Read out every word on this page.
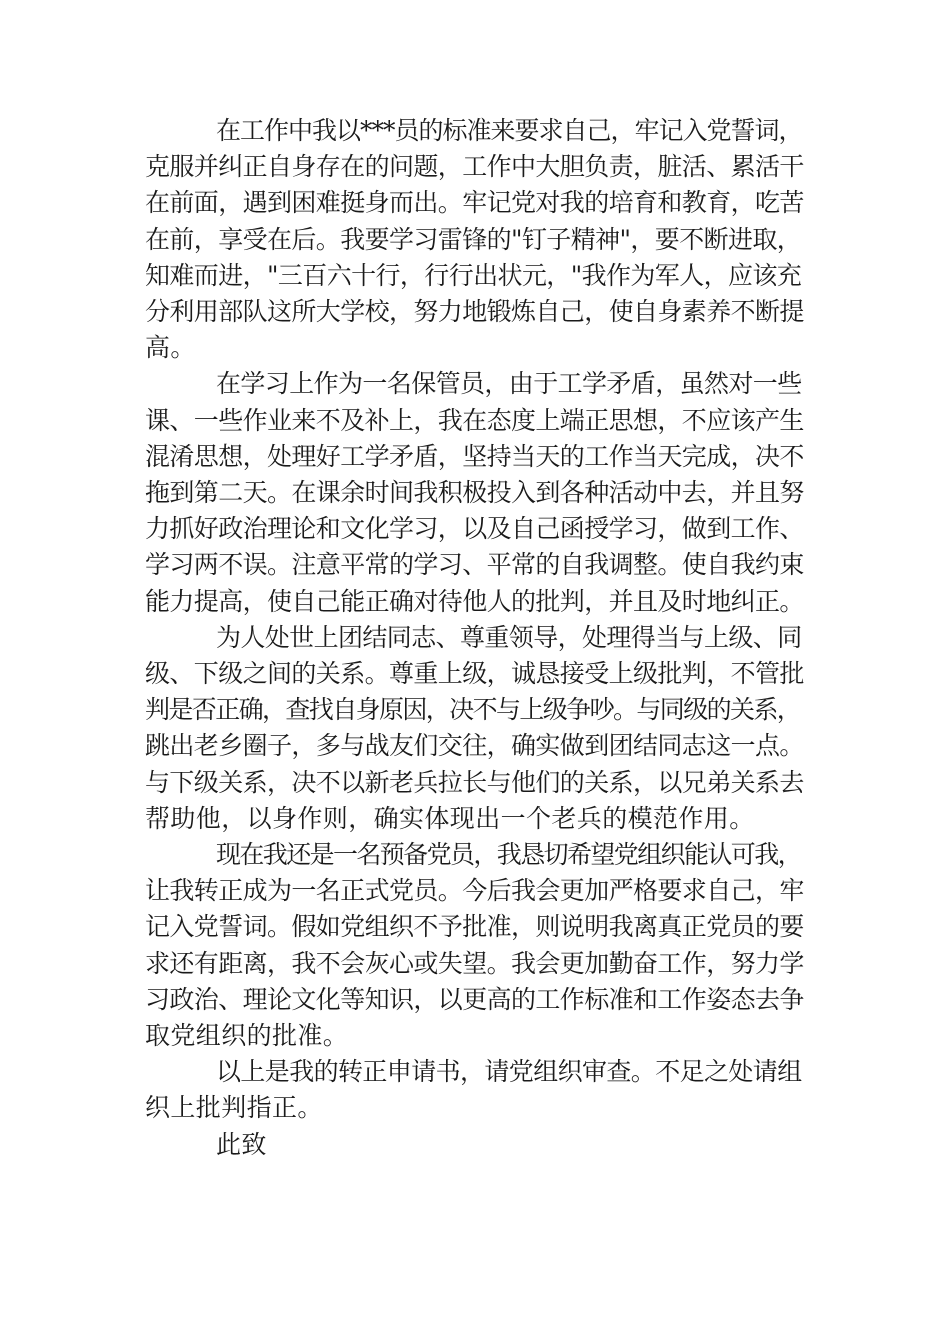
在工作中我以***员的标准来要求自己，牢记入党誓词，
克服并纠正自身存在的问题，工作中大胆负责，脏活、累活干
在前面，遇到困难挺身而出。牢记党对我的培育和教育，吃苦
在前，享受在后。我要学习雷锋的"钉子精神"，要不断进取，
知难而进，"三百六十行，行行出状元，"我作为军人，应该充
分利用部队这所大学校，努力地锻炼自己，使自身素养不断提
高。

在学习上作为一名保管员，由于工学矛盾，虽然对一些
课、一些作业来不及补上，我在态度上端正思想，不应该产生
混淆思想，处理好工学矛盾，坚持当天的工作当天完成，决不
拖到第二天。在课余时间我积极投入到各种活动中去，并且努
力抓好政治理论和文化学习，以及自己函授学习，做到工作、
学习两不误。注意平常的学习、平常的自我调整。使自我约束
能力提高，使自己能正确对待他人的批判，并且及时地纠正。

为人处世上团结同志、尊重领导，处理得当与上级、同
级、下级之间的关系。尊重上级，诚恳接受上级批判，不管批
判是否正确，查找自身原因，决不与上级争吵。与同级的关系，
跳出老乡圈子，多与战友们交往，确实做到团结同志这一点。
与下级关系，决不以新老兵拉长与他们的关系，以兄弟关系去
帮助他，以身作则，确实体现出一个老兵的模范作用。

现在我还是一名预备党员，我恳切希望党组织能认可我，
让我转正成为一名正式党员。今后我会更加严格要求自己，牢
记入党誓词。假如党组织不予批准，则说明我离真正党员的要
求还有距离，我不会灰心或失望。我会更加勤奋工作，努力学
习政治、理论文化等知识，以更高的工作标准和工作姿态去争
取党组织的批准。

以上是我的转正申请书，请党组织审查。不足之处请组
织上批判指正。

此致
